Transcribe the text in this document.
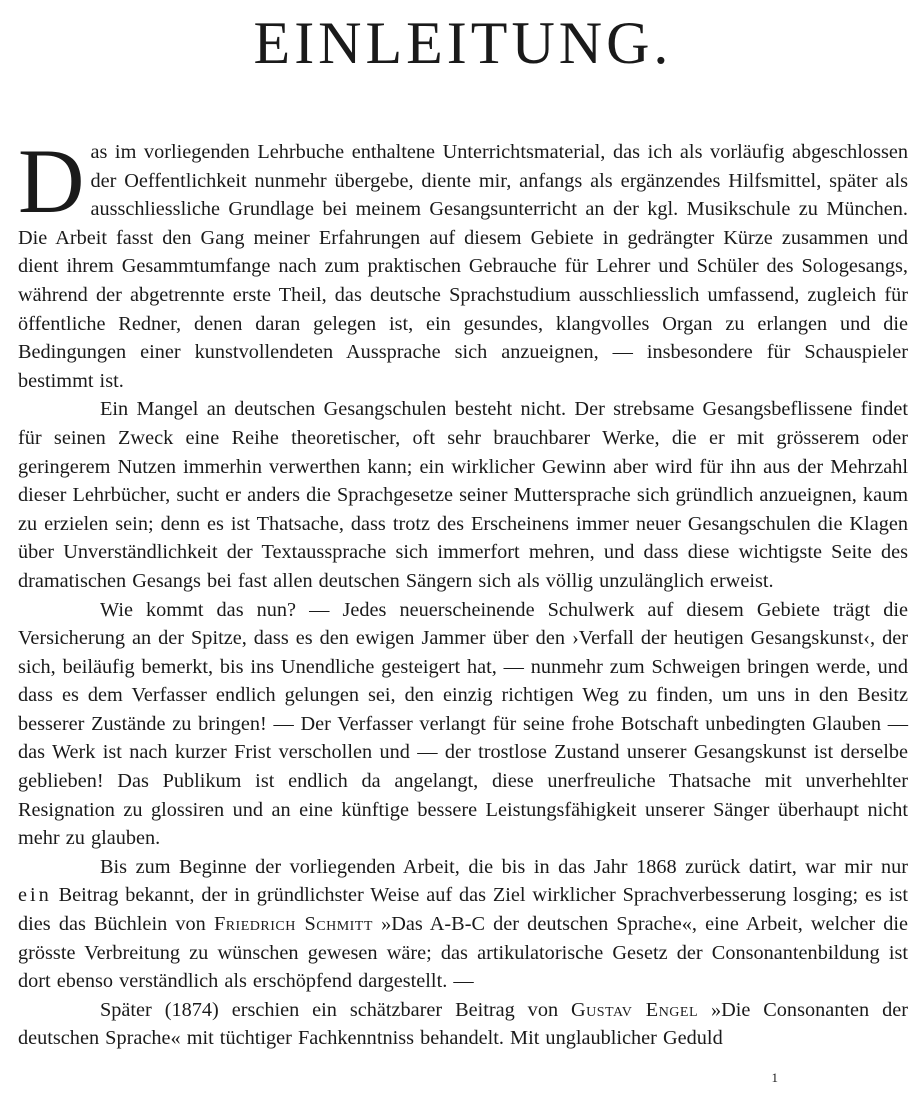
EINLEITUNG.

Das im vorliegenden Lehrbuche enthaltene Unterrichtsmaterial, das ich als vorläufig abgeschlossen der Oeffentlichkeit nunmehr übergebe, diente mir, anfangs als ergänzendes Hilfsmittel, später als ausschliessliche Grundlage bei meinem Gesangsunterricht an der kgl. Musikschule zu München. Die Arbeit fasst den Gang meiner Erfahrungen auf diesem Gebiete in gedrängter Kürze zusammen und dient ihrem Gesammtumfange nach zum praktischen Gebrauche für Lehrer und Schüler des Sologesangs, während der abgetrennte erste Theil, das deutsche Sprachstudium ausschliesslich umfassend, zugleich für öffentliche Redner, denen daran gelegen ist, ein gesundes, klangvolles Organ zu erlangen und die Bedingungen einer kunstvollendeten Aussprache sich anzueignen, — insbesondere für Schauspieler bestimmt ist.

Ein Mangel an deutschen Gesangschulen besteht nicht. Der strebsame Gesangsbeflissene findet für seinen Zweck eine Reihe theoretischer, oft sehr brauchbarer Werke, die er mit grösserem oder geringerem Nutzen immerhin verwerthen kann; ein wirklicher Gewinn aber wird für ihn aus der Mehrzahl dieser Lehrbücher, sucht er anders die Sprachgesetze seiner Muttersprache sich gründlich anzueignen, kaum zu erzielen sein; denn es ist Thatsache, dass trotz des Erscheinens immer neuer Gesangschulen die Klagen über Unverständlichkeit der Textaussprache sich immerfort mehren, und dass diese wichtigste Seite des dramatischen Gesangs bei fast allen deutschen Sängern sich als völlig unzulänglich erweist.

Wie kommt das nun? — Jedes neuerscheinende Schulwerk auf diesem Gebiete trägt die Versicherung an der Spitze, dass es den ewigen Jammer über den ›Verfall der heutigen Gesangskunst‹, der sich, beiläufig bemerkt, bis ins Unendliche gesteigert hat, — nunmehr zum Schweigen bringen werde, und dass es dem Verfasser endlich gelungen sei, den einzig richtigen Weg zu finden, um uns in den Besitz besserer Zustände zu bringen! — Der Verfasser verlangt für seine frohe Botschaft unbedingten Glauben — das Werk ist nach kurzer Frist verschollen und — der trostlose Zustand unserer Gesangskunst ist derselbe geblieben! Das Publikum ist endlich da angelangt, diese unerfreuliche Thatsache mit unverhehlter Resignation zu glossiren und an eine künftige bessere Leistungsfähigkeit unserer Sänger überhaupt nicht mehr zu glauben.

Bis zum Beginne der vorliegenden Arbeit, die bis in das Jahr 1868 zurück datirt, war mir nur ein Beitrag bekannt, der in gründlichster Weise auf das Ziel wirklicher Sprachverbesserung losging; es ist dies das Büchlein von Friedrich Schmitt »Das A-B-C der deutschen Sprache«, eine Arbeit, welcher die grösste Verbreitung zu wünschen gewesen wäre; das artikulatorische Gesetz der Consonantenbildung ist dort ebenso verständlich als erschöpfend dargestellt. —

Später (1874) erschien ein schätzbarer Beitrag von Gustav Engel »Die Consonanten der deutschen Sprache« mit tüchtiger Fachkenntniss behandelt. Mit unglaublicher Geduld

1
